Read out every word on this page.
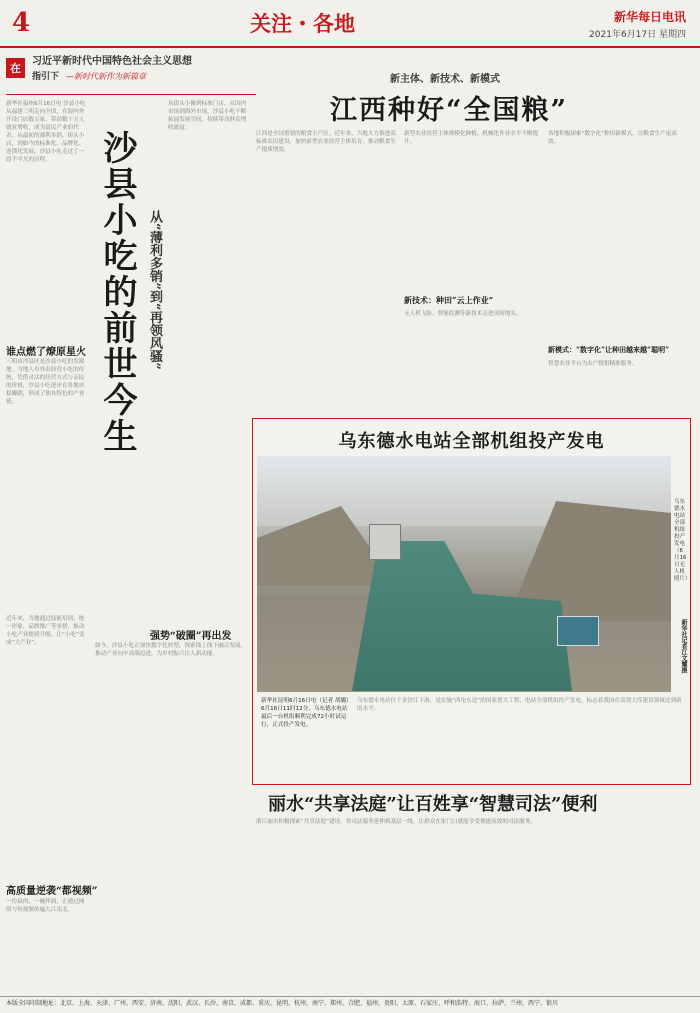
4	关注・各地	新华每日电讯
2021年6月17日 星期四
在
习近平新时代中国特色社会主义思想
指引下 —新时代新作为新篇章
新华社福州6月16日电 沙县小吃从福建三明走向全国，在海内外开设门店数万家，带动数十万人就业增收，成为富民产业的代表。从最初的薄利多销、街头小店，到如今的标准化、品牌化、连锁化发展，沙县小吃走过了一段不平凡的历程。	沙县小吃的前世今生 从“薄利多销”到“再领风骚”
谁点燃了燎原星火
三明市沙县区是沙县小吃的发源地。当地人有外出经营小吃的传统，凭借灵活的经营方式与亲民的价格，沙县小吃逐步在各地站稳脚跟，形成了独具特色的产业链。
近年来，当地通过技能培训、统一形象、品牌推广等举措，推动小吃产业提质升级，让“小吃”变成“大产业”。
高质量逆袭“都视频”
一份扁肉、一碗拌面，正通过网络与短视频传遍大江南北。
从街头小摊到标准门店，从国内市场到海外市场，沙县小吃不断拓展发展空间，持续带动群众增收致富。
强势“破圈”再出发
如今，沙县小吃正加快数字化转型，探索线上线下融合发展，推动产业向中高端迈进，为乡村振兴注入新动能。
新主体、新技术、新模式
江西种好“全国粮”
江西是全国重要的粮食主产区。近年来，当地大力推进高标准农田建设，加快新型农业经营主体培育，推动粮食生产提质增效。
新技术：种田“云上作业”
新型农业经营主体规模化种植，机械化作业水平不断提升。
无人机飞防、智能监测等新技术走进田间地头。
新模式：“数字化”让种田越来越“聪明”
各地积极探索“数字化”种田新模式，让粮食生产更高效。
智慧农业平台为农户提供精准服务。
乌东德水电站全部机组投产发电
乌东德水电站全部机组投产发电（6月16日无人机照片）
新华社记者江文耀摄
新华社昆明6月16日电（记者 胡璐）6月16日11时12分，乌东德水电站最后一台机组顺利完成72小时试运行，正式投产发电。
乌东德水电站位于金沙江下游，是实施“西电东送”的国家重大工程，电站全部机组投产发电，标志着我国在高坝大库建设领域达到新的水平。
丽水“共享法庭”让百姓享“智慧司法”便利
浙江丽水积极探索“共享法庭”建设，将司法服务延伸到基层一线，让群众在家门口就能享受便捷高效的司法服务。
本版全国印制地址：北京、上海、天津、广州、西安、济南、沈阳、武汉、长沙、南京、成都、重庆、昆明、杭州、南宁、郑州、合肥、福州、贵阳、太原、石家庄、呼和浩特、海口、拉萨、兰州、西宁、银川
